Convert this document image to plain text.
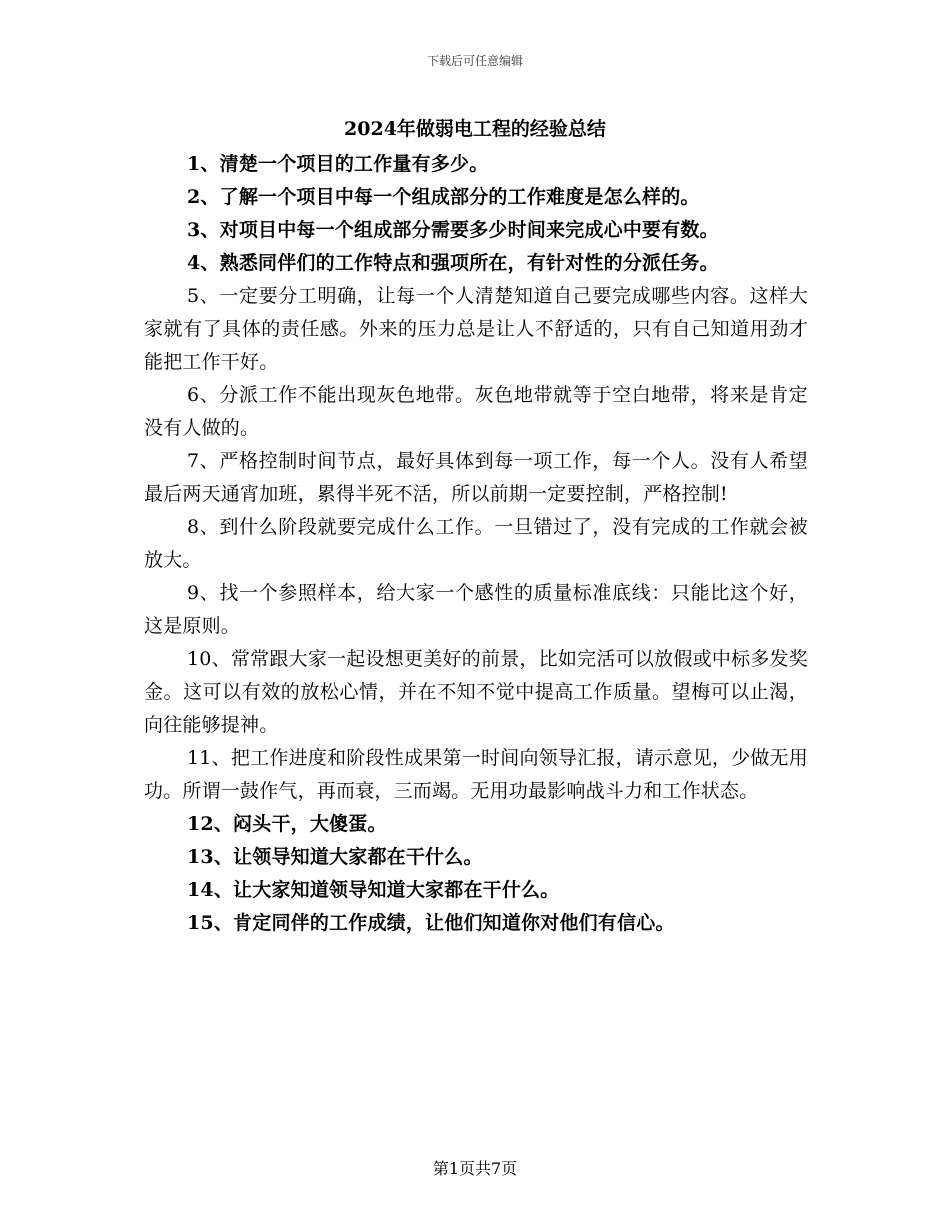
下载后可任意编辑
2024年做弱电工程的经验总结

1、清楚一个项目的工作量有多少。

2、了解一个项目中每一个组成部分的工作难度是怎么样的。

3、对项目中每一个组成部分需要多少时间来完成心中要有数。

4、熟悉同伴们的工作特点和强项所在，有针对性的分派任务。

5、一定要分工明确，让每一个人清楚知道自己要完成哪些内容。这样大家就有了具体的责任感。外来的压力总是让人不舒适的，只有自己知道用劲才能把工作干好。

6、分派工作不能出现灰色地带。灰色地带就等于空白地带，将来是肯定没有人做的。

7、严格控制时间节点，最好具体到每一项工作，每一个人。没有人希望最后两天通宵加班，累得半死不活，所以前期一定要控制，严格控制!

8、到什么阶段就要完成什么工作。一旦错过了，没有完成的工作就会被放大。

9、找一个参照样本，给大家一个感性的质量标准底线：只能比这个好，这是原则。

10、常常跟大家一起设想更美好的前景，比如完活可以放假或中标多发奖金。这可以有效的放松心情，并在不知不觉中提高工作质量。望梅可以止渴，向往能够提神。

11、把工作进度和阶段性成果第一时间向领导汇报，请示意见，少做无用功。所谓一鼓作气，再而衰，三而竭。无用功最影响战斗力和工作状态。

12、闷头干，大傻蛋。

13、让领导知道大家都在干什么。

14、让大家知道领导知道大家都在干什么。

15、肯定同伴的工作成绩，让他们知道你对他们有信心。

第1页共7页
